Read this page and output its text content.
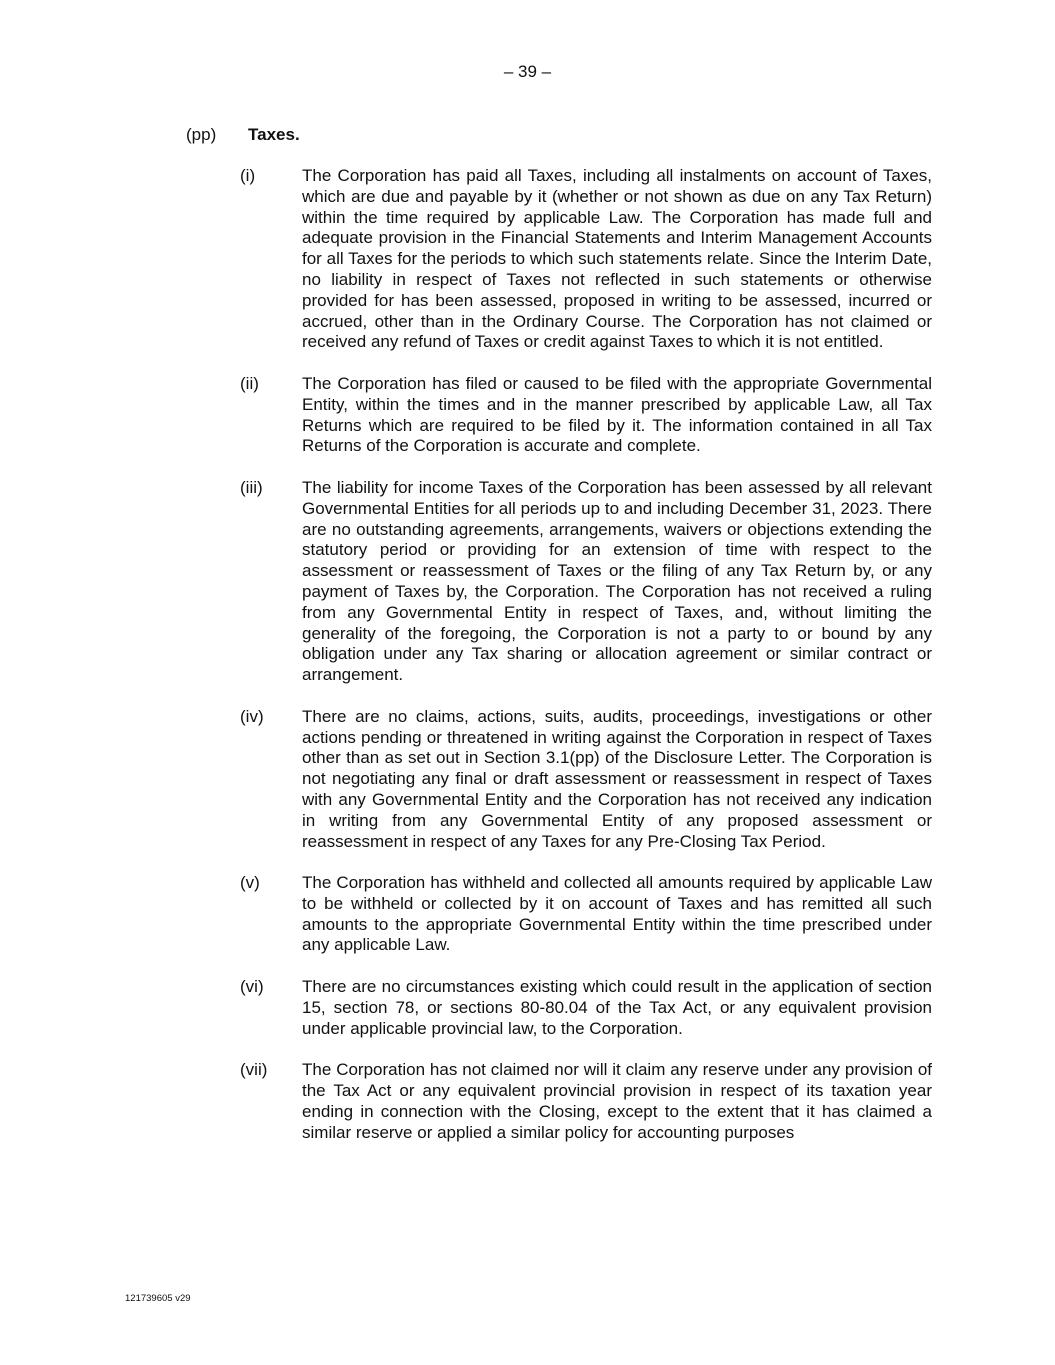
– 39 –
(pp) Taxes.
(i)	The Corporation has paid all Taxes, including all instalments on account of Taxes, which are due and payable by it (whether or not shown as due on any Tax Return) within the time required by applicable Law. The Corporation has made full and adequate provision in the Financial Statements and Interim Management Accounts for all Taxes for the periods to which such statements relate. Since the Interim Date, no liability in respect of Taxes not reflected in such statements or otherwise provided for has been assessed, proposed in writing to be assessed, incurred or accrued, other than in the Ordinary Course. The Corporation has not claimed or received any refund of Taxes or credit against Taxes to which it is not entitled.

(ii)	The Corporation has filed or caused to be filed with the appropriate Governmental Entity, within the times and in the manner prescribed by applicable Law, all Tax Returns which are required to be filed by it. The information contained in all Tax Returns of the Corporation is accurate and complete.

(iii)	The liability for income Taxes of the Corporation has been assessed by all relevant Governmental Entities for all periods up to and including December 31, 2023. There are no outstanding agreements, arrangements, waivers or objections extending the statutory period or providing for an extension of time with respect to the assessment or reassessment of Taxes or the filing of any Tax Return by, or any payment of Taxes by, the Corporation. The Corporation has not received a ruling from any Governmental Entity in respect of Taxes, and, without limiting the generality of the foregoing, the Corporation is not a party to or bound by any obligation under any Tax sharing or allocation agreement or similar contract or arrangement.

(iv)	There are no claims, actions, suits, audits, proceedings, investigations or other actions pending or threatened in writing against the Corporation in respect of Taxes other than as set out in Section 3.1(pp) of the Disclosure Letter. The Corporation is not negotiating any final or draft assessment or reassessment in respect of Taxes with any Governmental Entity and the Corporation has not received any indication in writing from any Governmental Entity of any proposed assessment or reassessment in respect of any Taxes for any Pre-Closing Tax Period.

(v)	The Corporation has withheld and collected all amounts required by applicable Law to be withheld or collected by it on account of Taxes and has remitted all such amounts to the appropriate Governmental Entity within the time prescribed under any applicable Law.

(vi)	There are no circumstances existing which could result in the application of section 15, section 78, or sections 80-80.04 of the Tax Act, or any equivalent provision under applicable provincial law, to the Corporation.

(vii)	The Corporation has not claimed nor will it claim any reserve under any provision of the Tax Act or any equivalent provincial provision in respect of its taxation year ending in connection with the Closing, except to the extent that it has claimed a similar reserve or applied a similar policy for accounting purposes

121739605 v29
